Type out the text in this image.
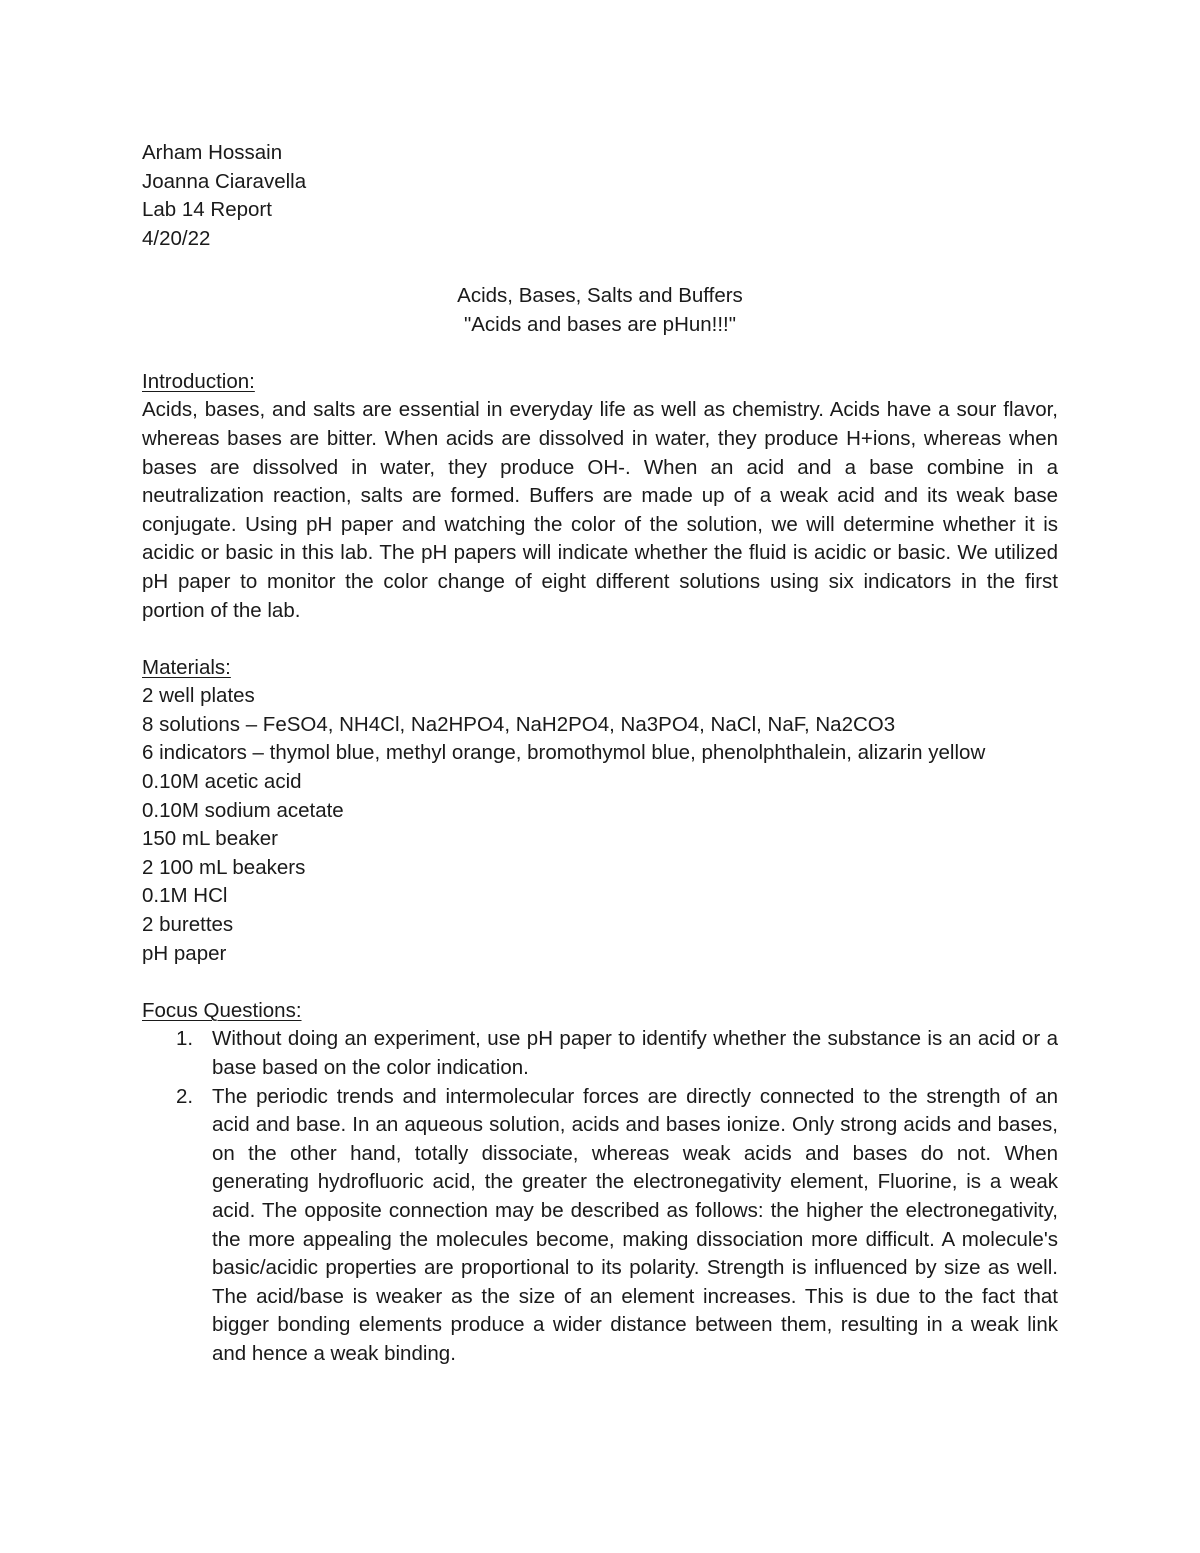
Arham Hossain
Joanna Ciaravella
Lab 14 Report
4/20/22
Acids, Bases, Salts and Buffers
"Acids and bases are pHun!!!"
Introduction:

Acids, bases, and salts are essential in everyday life as well as chemistry. Acids have a sour flavor, whereas bases are bitter. When acids are dissolved in water, they produce H+ions, whereas when bases are dissolved in water, they produce OH-. When an acid and a base combine in a neutralization reaction, salts are formed. Buffers are made up of a weak acid and its weak base conjugate. Using pH paper and watching the color of the solution, we will determine whether it is acidic or basic in this lab. The pH papers will indicate whether the fluid is acidic or basic. We utilized pH paper to monitor the color change of eight different solutions using six indicators in the first portion of the lab.

Materials:
2 well plates
8 solutions – FeSO4, NH4Cl, Na2HPO4, NaH2PO4, Na3PO4, NaCl, NaF, Na2CO3
6 indicators – thymol blue, methyl orange, bromothymol blue, phenolphthalein, alizarin yellow
0.10M acetic acid
0.10M sodium acetate
150 mL beaker
2 100 mL beakers
0.1M HCl
2 burettes
pH paper
Focus Questions:
1. Without doing an experiment, use pH paper to identify whether the substance is an acid or a base based on the color indication.
2. The periodic trends and intermolecular forces are directly connected to the strength of an acid and base. In an aqueous solution, acids and bases ionize. Only strong acids and bases, on the other hand, totally dissociate, whereas weak acids and bases do not. When generating hydrofluoric acid, the greater the electronegativity element, Fluorine, is a weak acid. The opposite connection may be described as follows: the higher the electronegativity, the more appealing the molecules become, making dissociation more difficult. A molecule's basic/acidic properties are proportional to its polarity. Strength is influenced by size as well. The acid/base is weaker as the size of an element increases. This is due to the fact that bigger bonding elements produce a wider distance between them, resulting in a weak link and hence a weak binding.
